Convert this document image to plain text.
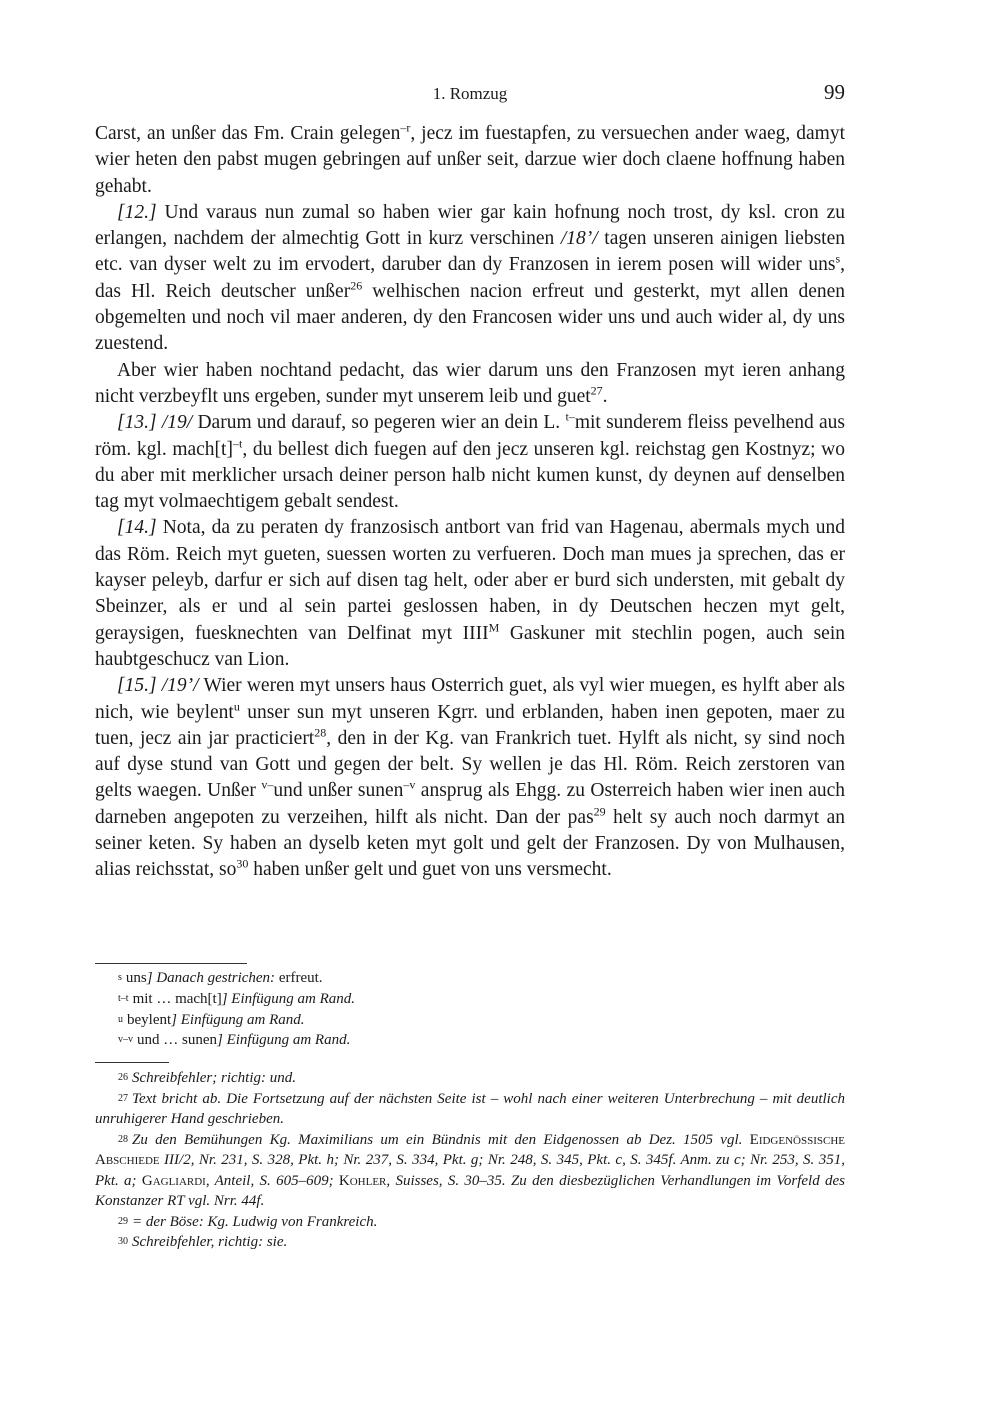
1. Romzug	99

Carst, an unßer das Fm. Crain gelegen$^{-r}$, jecz im fuestapfen, zu versuechen ander waeg, damyt wier heten den pabst mugen gebringen auf unßer seit, darzue wier doch claene hoffnung haben gehabt.

[12.] Und varaus nun zumal so haben wier gar kain hofnung noch trost, dy ksl. cron zu erlangen, nachdem der almechtig Gott in kurz verschinen /18’/ tagen unseren ainigen liebsten etc. van dyser welt zu im ervodert, daruber dan dy Franzosen in ierem posen will wider uns$^s$, das Hl. Reich deutscher unßer$^{26}$ welhischen nacion erfreut und gesterkt, myt allen denen obgemelten und noch vil maer anderen, dy den Francosen wider uns und auch wider al, dy uns zuestend.

Aber wier haben nochtand pedacht, das wier darum uns den Franzosen myt ieren anhang nicht verzbeyflt uns ergeben, sunder myt unserem leib und guet$^{27}$.

[13.] /19/ Darum und darauf, so pegeren wier an dein L. $^{t-}$mit sunderem fleiss pevelhend aus röm. kgl. $mach[t]^{-t}$, du bellest dich fuegen auf den jecz unseren kgl. reichstag gen Kostnyz; wo du aber mit merklicher ursach deiner person halb nicht kumen kunst, dy deynen auf denselben tag myt volmaechtigem gebalt sendest.

[14.] Nota, da zu peraten dy franzosisch antbort van frid van Hagenau, abermals mych und das Röm. Reich myt gueten, suessen worten zu verfueren. Doch man mues ja sprechen, das er kayser peleyb, darfur er sich auf disen tag helt, oder aber er burd sich understen, mit gebalt dy Sbeinzer, als er und al sein partei geslossen haben, in dy Deutschen heczen myt gelt, geraysigen, fuesknechten van Delfinat myt $IIII^M$ Gaskuner mit stechlin pogen, auch sein haubtgeschucz van Lion.

[15.] /19’/ Wier weren myt unsers haus Osterrich guet, als vyl wier muegen, es hylft aber als nich, wie beylent$^u$ unser sun myt unseren Kgrr. und erblanden, haben inen gepoten, maer zu tuen, jecz ain jar practiciert$^{28}$, den in der Kg. van Frankrich tuet. Hylft als nicht, sy sind noch auf dyse stund van Gott und gegen der belt. Sy wellen je das Hl. Röm. Reich zerstoren van gelts waegen. Unßer $^{v-}$und unßer sunen$^{-v}$ ansprug als Ehgg. zu Osterreich haben wier inen auch darneben angepoten zu verzeihen, hilft als nicht. Dan der pas$^{29}$ helt sy auch noch darmyt an seiner keten. Sy haben an dyselb keten myt golt und gelt der Franzosen. Dy von Mulhausen, alias reichsstat, $so^{30}$ haben unßer gelt und guet von uns versmecht.

s uns] Danach gestrichen: erfreut.
t–t mit … mach[t]] Einfügung am Rand.
u beylent] Einfügung am Rand.
v–v und … sunen] Einfügung am Rand.
26 Schreibfehler; richtig: und.
27 Text bricht ab. Die Fortsetzung auf der nächsten Seite ist – wohl nach einer weiteren Unterbrechung – mit deutlich unruhigerer Hand geschrieben.
28 Zu den Bemühungen Kg. Maximilians um ein Bündnis mit den Eidgenossen ab Dez. 1505 vgl. Eidgenössische Abschiede III/2, Nr. 231, S. 328, Pkt. h; Nr. 237, S. 334, Pkt. g; Nr. 248, S. 345, Pkt. c, S. 345f. Anm. zu c; Nr. 253, S. 351, Pkt. a; Gagliardi, Anteil, S. 605–609; Kohler, Suisses, S. 30–35. Zu den diesbezüglichen Verhandlungen im Vorfeld des Konstanzer RT vgl. Nrr. 44f.
29 = der Böse: Kg. Ludwig von Frankreich.
30 Schreibfehler, richtig: sie.
